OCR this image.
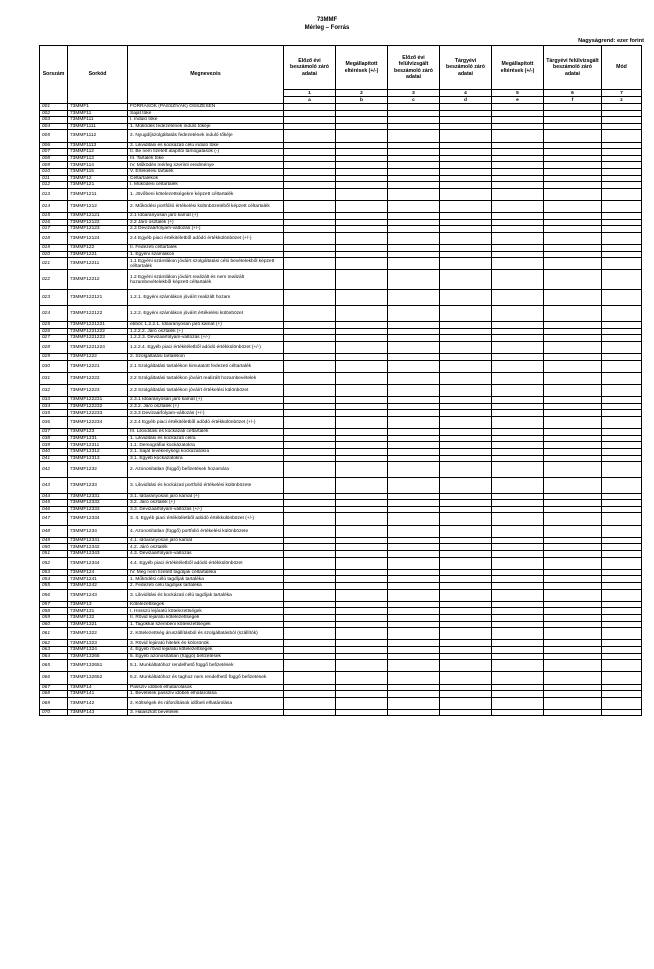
73MMF
Mérleg – Forrás
Nagyságrend: ezer forint
Sorszám	Sorkód	Megnevezés	Előző évi beszámoló záró adatai	Megállapított eltérések (+/-)	Előző évi felülvizsgált beszámoló záró adatai	Tárgyévi beszámoló záró adatai	Megállapított eltérések (+/-)	Tárgyévi felülvizsgált beszámoló záró adatai	Mód
			1	2	3	4	5	6	7
			a	b	c	d	e	f	z
001	73MMF1	FORRÁSOK (PASSZÍVÁK) ÖSSZESEN							
002	73MMF11	Saját tőke							
003	73MMF111	I. Induló tőke							
004	73MMF1111	1. Működés fedezetének induló tőkéje							
005	73MMF1112	2. Nyugdíjszolgáltatás fedezetének induló tőkéje							
006	73MMF1113	3. Likviditási és kockázati célú induló tőke							
007	73MMF112	II. Be nem fizetett alapítói támogatások (-)							
008	73MMF113	III. Tartalék tőke							
009	73MMF114	IV. Működés mérleg szerinti eredménye							
010	73MMF115	V. Értékelési tartalék							
011	73MMF12	Céltartalékok							
012	73MMF121	I. Működési céltartalék							
013	73MMF1211	1. Jövőbeni kötelezettségekre képzett céltartalék							
014	73MMF1212	2. Működési portfólió értékelési különbözetéből képzett céltartalék							
015	73MMF12121	2.1 Időarányosan járó kamat (+)							
016	73MMF12122	2.2 Járó osztalék (+)							
017	73MMF12123	2.3 Devizaárfolyam-változás (+/-)							
018	73MMF12124	2.4 Egyéb piaci értékitéletből adódó értékkülönbözet (+/-)							
019	73MMF122	II. Fedezeti céltartalék							
020	73MMF1221	1. Egyéni számlákon							
021	73MMF12211	1.1 Egyéni számlákon jóváírt szolgáltatási célú bevételekből képzett céltartalék							
022	73MMF12212	1.2 Egyéni számlákon jóváírt realizált és nem realizált hozambevételekből képzett céltartalék							
023	73MMF122121	1.2.1. Egyéni számlákon jóváírt realizált hozam							
024	73MMF122122	1.2.2. Egyéni számlákon jóváírt értékelési különbözet							
025	73MMF1221221	ebből: 1.2.2.1. Időarányosan járó kamat (+)							
026	73MMF1221222	1.2.2.2. Járó osztalék (+)							
027	73MMF1221223	1.2.2.3. Devizaárfolyam-változás (+/-)							
028	73MMF1221224	1.2.2.4. Egyéb piaci értékitéletből adódó értékkülönbözet (+/-)							
029	73MMF1222	2. Szolgáltatási tartalékon							
030	73MMF12221	2.1 Szolgáltatási tartalékon kimutatott fedezeti céltartalék							
031	73MMF12222	2.2 Szolgáltatási tartalékon jóváírt realizált hozambevételek							
032	73MMF12223	2.3 Szolgáltatási tartalékon jóváírt értékelési különbözet							
033	73MMF122231	2.3.1 Időarányosan járó kamat (+)							
034	73MMF122232	2.3.2. Járó osztalék (+)							
035	73MMF122233	2.3.3 Devizaárfolyam-változás (+/-)							
036	73MMF122234	2.3.4 Egyéb piaci értékitéletből adódó értékkülönbözet (+/-)							
037	73MMF123	III. Likviditási és kockázati céltartalék							
038	73MMF1231	1. Likviditási és kockázati célra							
039	73MMF12311	1.1. Demográfiai kockázatokra							
040	73MMF12312	2.1. Saját tevékenységi kockázatokra							
041	73MMF12313	3.1. Egyéb kockázatokra							
042	73MMF1232	2. Azonosítatlan (függő) befizetések hozamára							
043	73MMF1233	3. Likviditási és kockázati portfolió értékelési különbözete							
044	73MMF12331	3.1. Időarányosan járó kamat (+)							
045	73MMF12332	3.2. Járó osztalék (+)							
046	73MMF12333	3.3. Devizaárfolyam-változás (+/-)							
047	73MMF12334	3. 4. Egyéb piaci értékitéletből adódó értékkülönbözet (+/-)							
048	73MMF1234	4. Azonosítatlan (függő) portfolió értékelési különbözete							
049	73MMF12341	4.1. Időarányosan járó kamat							
050	73MMF12342	4.2. Járó osztalék							
051	73MMF12343	4.3. Devizaárfolyam-változás							
052	73MMF12344	4.4. Egyéb piaci értékitéletből adódó értékkülönbözet							
053	73MMF124	IV. Meg nem fizetett tagdíjak céltartaléka							
054	73MMF1241	1. Működési célú tagdíjak tartaléka							
055	73MMF1242	2. Fedezeti célú tagdíjak tartaléka							
056	73MMF1243	3. Likviditási és kockázati célú tagdíjak tartaléka							
057	73MMF13	Kötelezettségek							
058	73MMF131	I. Hosszú lejáratú kötelezettségek							
059	73MMF132	II. Rövid lejáratú kötelezettségek							
060	73MMF1321	1. Tagokkal szembeni kötelezettségek							
061	73MMF1322	2. Kötelezettség áruszállításból és szolgáltatásból (szállítók)							
062	73MMF1323	3. Rövid lejáratú hitelek és kölcsönök							
063	73MMF1324	4. Egyéb rövid lejáratú kötelezettségek							
064	73MMF13265	5. Egyéb azonosítatlan (függő) befizetések							
065	73MMF132651	5.1. Munkáltatóhoz rendelhető függő befizetések							
066	73MMF132652	5.2. Munkáltatóhoz és taghoz nem rendelhető függő befizetések							
067	73MMF14	Passzív időbeli elhatárolások							
068	73MMF141	1. Bevételek passzív időbeli elhatárolása							
069	73MMF142	2. Költségek és ráfordítások időbeli elhatárolása							
070	73MMF143	3. Halasztott bevételek							
